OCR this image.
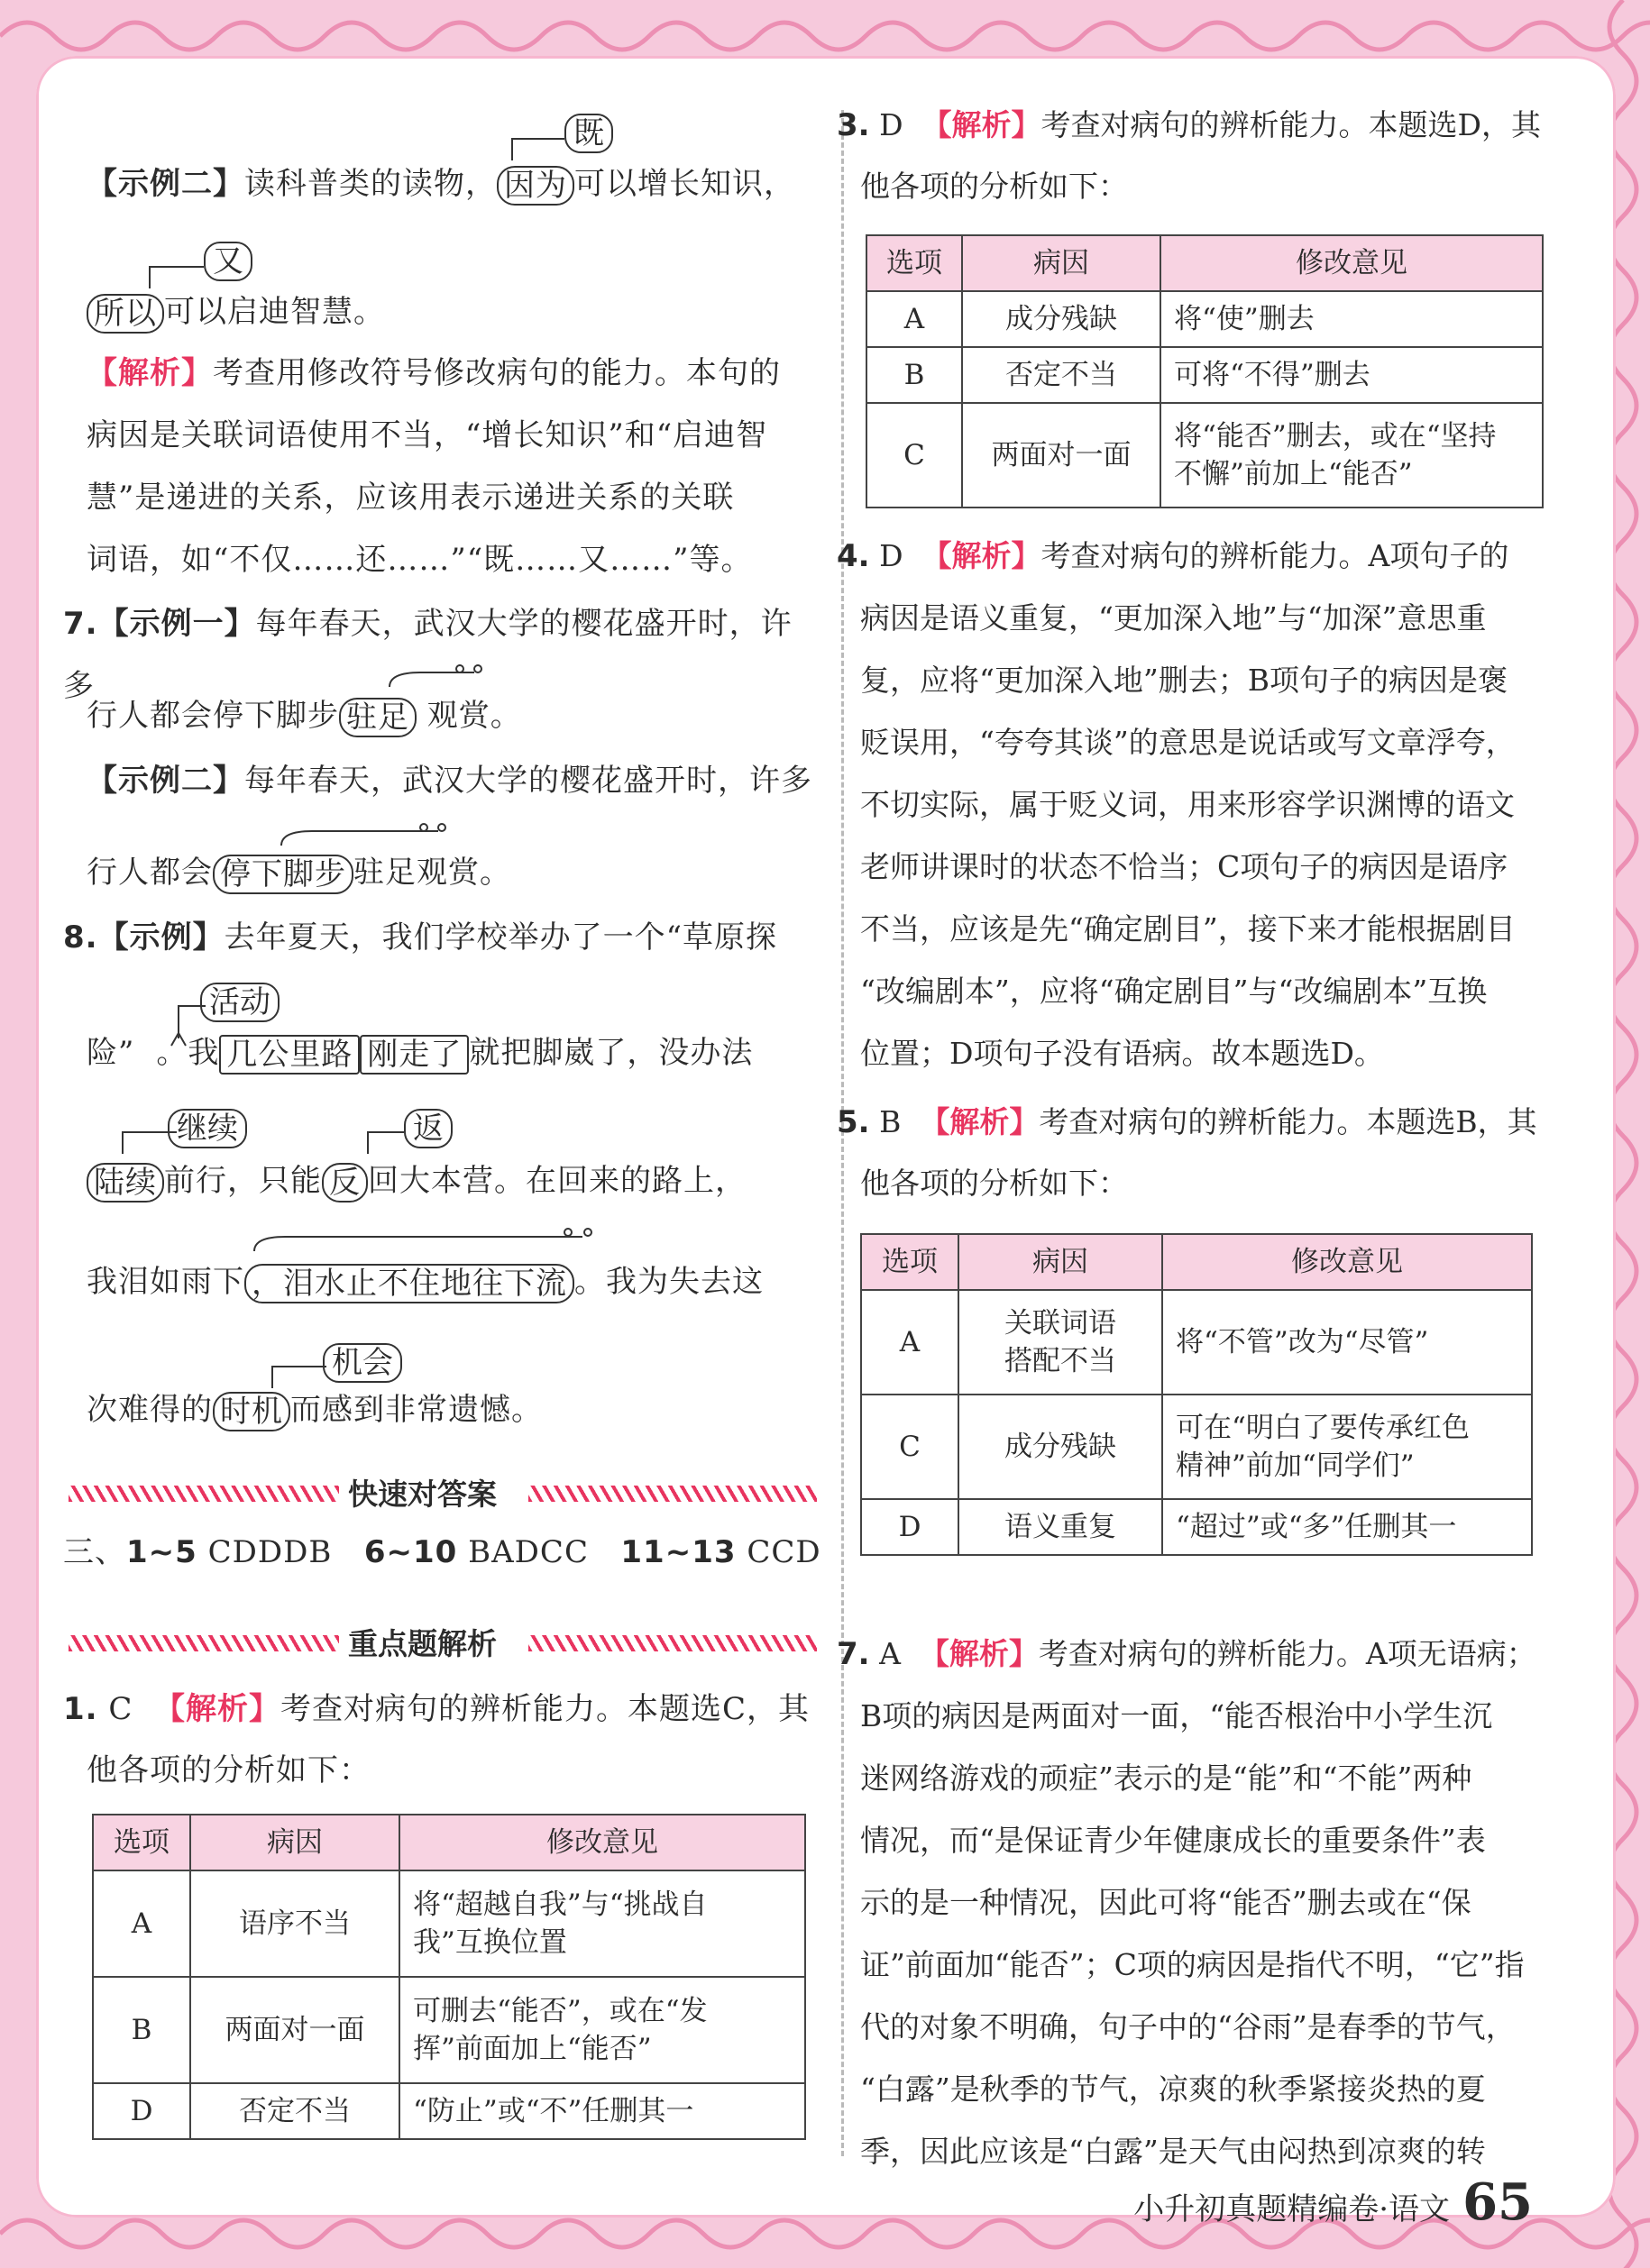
既
【示例二】读科普类的读物， 因为 可以增长知识，
又
所以 可以启迪智慧。
【解析】考查用修改符号修改病句的能力。本句的
病因是关联词语使用不当，“增长知识”和“启迪智
慧”是递进的关系，应该用表示递进关系的关联
词语，如“不仅……还……”“既……又……”等。
7.【示例一】每年春天，武汉大学的樱花盛开时，许多
行人都会停下脚步 驻足 观赏。
【示例二】每年春天，武汉大学的樱花盛开时，许多
行人都会 停下脚步 驻足观赏。
8.【示例】去年夏天，我们学校举办了一个“草原探
活动
险” 。我 几公里路 刚走了 就把脚崴了，没办法
继续	返
陆续 前行，只能 反 回大本营。在回来的路上，
我泪如雨下 ，泪水止不住地往下流 。我为失去这
机会
次难得的 时机 而感到非常遗憾。
快速对答案
三、1~5 CDDDB 6~10 BADCC 11~13 CCD
重点题解析
1. C 【解析】考查对病句的辨析能力。本题选C，其
他各项的分析如下：
选项	病因	修改意见
A	语序不当	将“超越自我”与“挑战自
我”互换位置

B	两面对一面	可删去“能否”，或在“发
挥”前面加上“能否”

D	否定不当	“防止”或“不”任删其一
3. D 【解析】考查对病句的辨析能力。本题选D，其
他各项的分析如下：
选项	病因	修改意见
A	成分残缺	将“使”删去
B	否定不当	可将“不得”删去
C	两面对一面	将“能否”删去，或在“坚持
不懈”前加上“能否”
4. D 【解析】考查对病句的辨析能力。A项句子的
病因是语义重复，“更加深入地”与“加深”意思重
复，应将“更加深入地”删去；B项句子的病因是褒
贬误用，“夸夸其谈”的意思是说话或写文章浮夸，
不切实际，属于贬义词，用来形容学识渊博的语文
老师讲课时的状态不恰当；C项句子的病因是语序
不当，应该是先“确定剧目”，接下来才能根据剧目
“改编剧本”，应将“确定剧目”与“改编剧本”互换
位置；D项句子没有语病。故本题选D。
5. B 【解析】考查对病句的辨析能力。本题选B，其
他各项的分析如下：
选项	病因	修改意见
A	关联词语
搭配不当	将“不管”改为“尽管”
C	成分残缺	可在“明白了要传承红色
精神”前加“同学们”

D	语义重复	“超过”或“多”任删其一
7. A 【解析】考查对病句的辨析能力。A项无语病；
B项的病因是两面对一面，“能否根治中小学生沉
迷网络游戏的顽症”表示的是“能”和“不能”两种
情况，而“是保证青少年健康成长的重要条件”表
示的是一种情况，因此可将“能否”删去或在“保
证”前面加“能否”；C项的病因是指代不明，“它”指
代的对象不明确，句子中的“谷雨”是春季的节气，
“白露”是秋季的节气，凉爽的秋季紧接炎热的夏
季，因此应该是“白露”是天气由闷热到凉爽的转
小升初真题精编卷·语文 65
